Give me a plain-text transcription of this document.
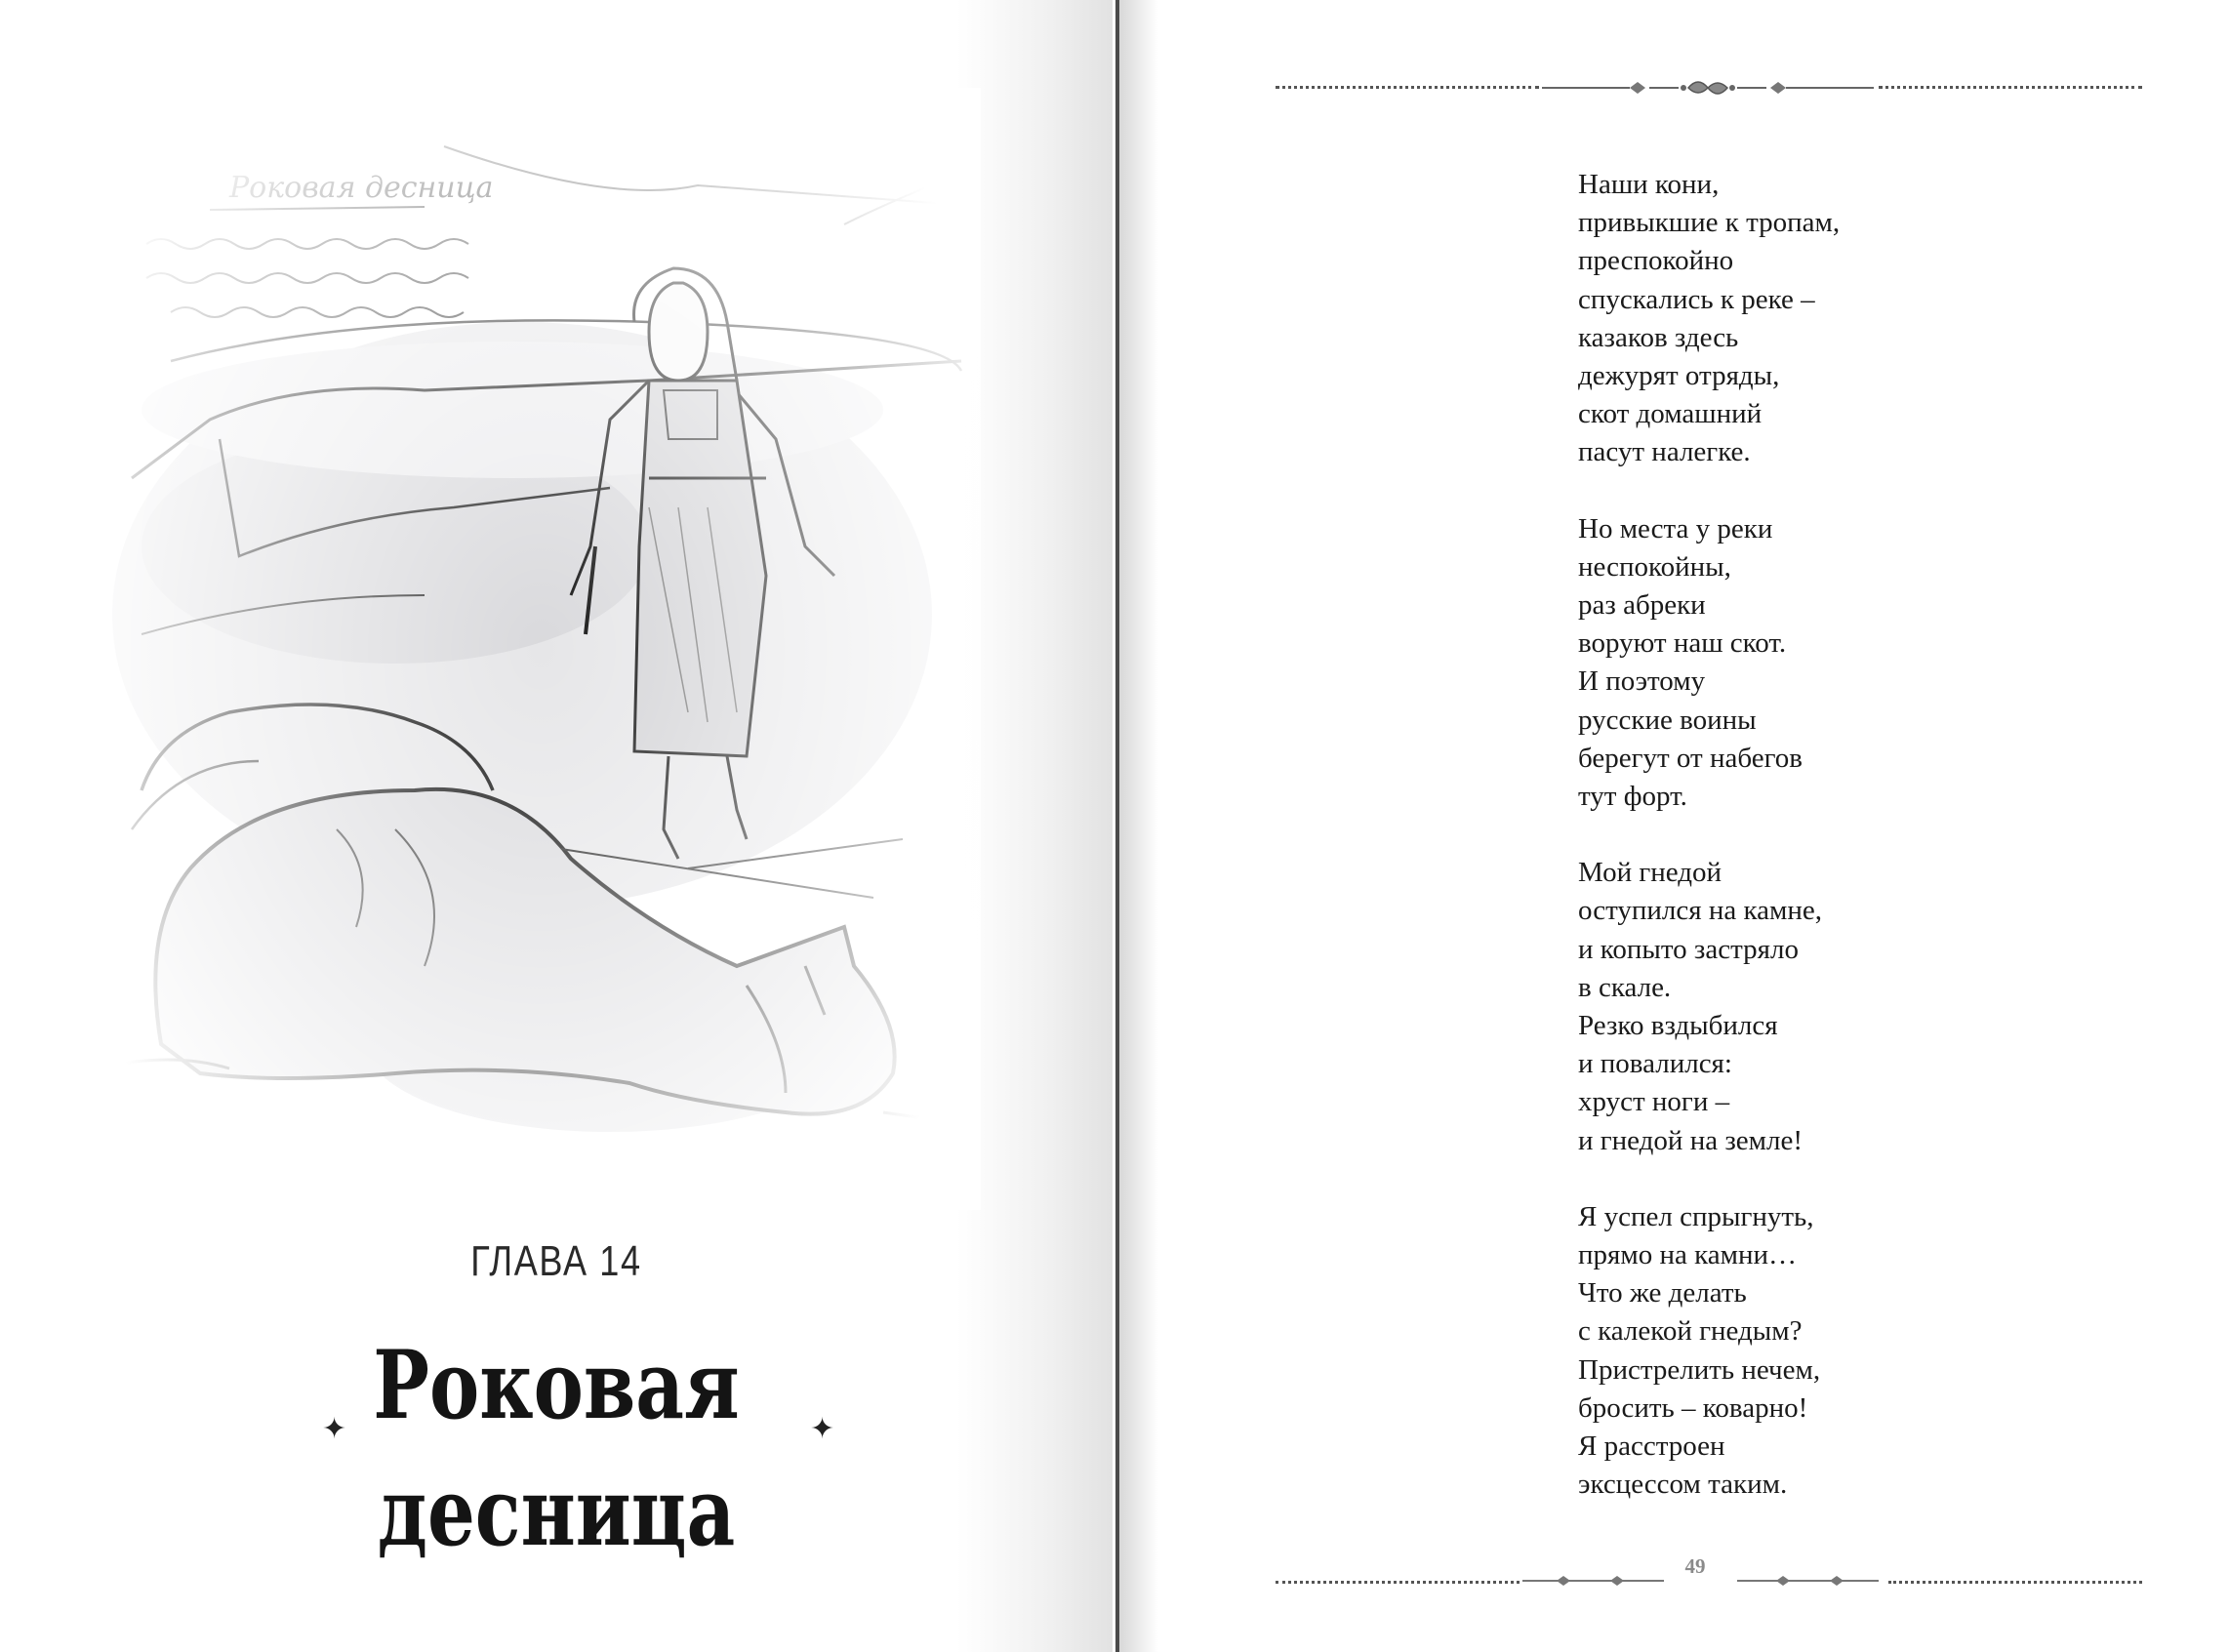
ГЛАВА 14
✦ Роковая
десница
✦
Наши кони,
привыкшие к тропам,
преспокойно
спускались к реке –
казаков здесь
дежурят отряды,
скот домашний
пасут налегке.
Но места у реки
неспокойны,
раз абреки
воруют наш скот.
И поэтому
русские воины
берегут от набегов
тут форт.
Мой гнедой
оступился на камне,
и копыто застряло
в скале.
Резко вздыбился
и повалился:
хруст ноги –
и гнедой на земле!
Я успел спрыгнуть,
прямо на камни…
Что же делать
с калекой гнедым?
Пристрелить нечем,
бросить – коварно!
Я расстроен
эксцессом таким.
49
